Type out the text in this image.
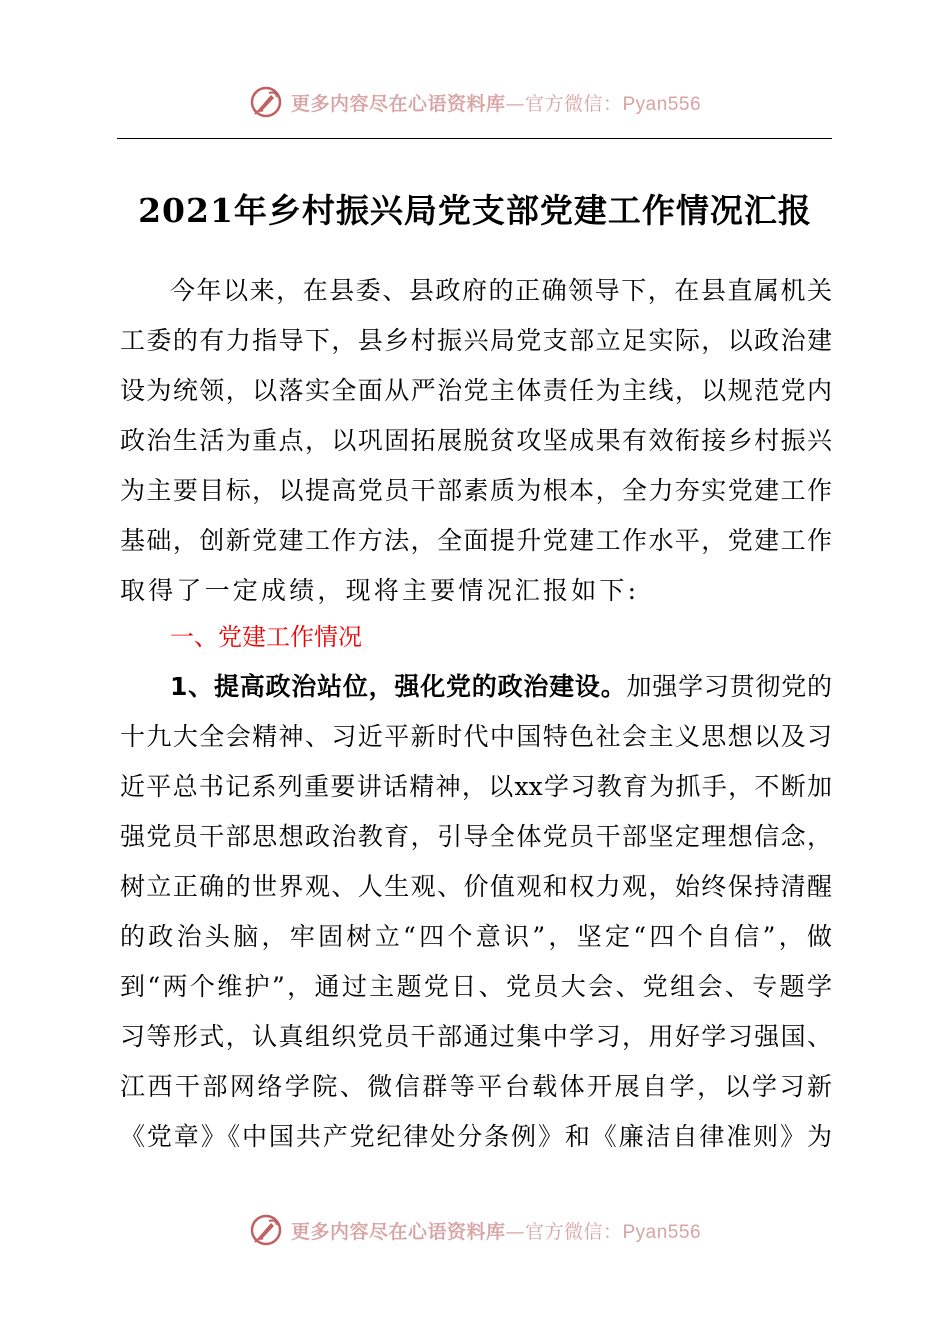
更多内容尽在心语资料库—官方微信：Pyan556
2021年乡村振兴局党支部党建工作情况汇报
今年以来，在县委、县政府的正确领导下，在县直属机关
工委的有力指导下，县乡村振兴局党支部立足实际，以政治建
设为统领，以落实全面从严治党主体责任为主线，以规范党内
政治生活为重点，以巩固拓展脱贫攻坚成果有效衔接乡村振兴
为主要目标，以提高党员干部素质为根本，全力夯实党建工作
基础，创新党建工作方法，全面提升党建工作水平，党建工作
取得了一定成绩，现将主要情况汇报如下:
一、党建工作情况
1、提高政治站位，强化党的政治建设。加强学习贯彻党的
十九大全会精神、习近平新时代中国特色社会主义思想以及习
近平总书记系列重要讲话精神，以xx学习教育为抓手，不断加
强党员干部思想政治教育，引导全体党员干部坚定理想信念，
树立正确的世界观、人生观、价值观和权力观，始终保持清醒
的政治头脑，牢固树立“四个意识”，坚定“四个自信”，做
到“两个维护”，通过主题党日、党员大会、党组会、专题学
习等形式，认真组织党员干部通过集中学习，用好学习强国、
江西干部网络学院、微信群等平台载体开展自学，以学习新
《党章》《中国共产党纪律处分条例》和《廉洁自律准则》为
更多内容尽在心语资料库—官方微信：Pyan556
